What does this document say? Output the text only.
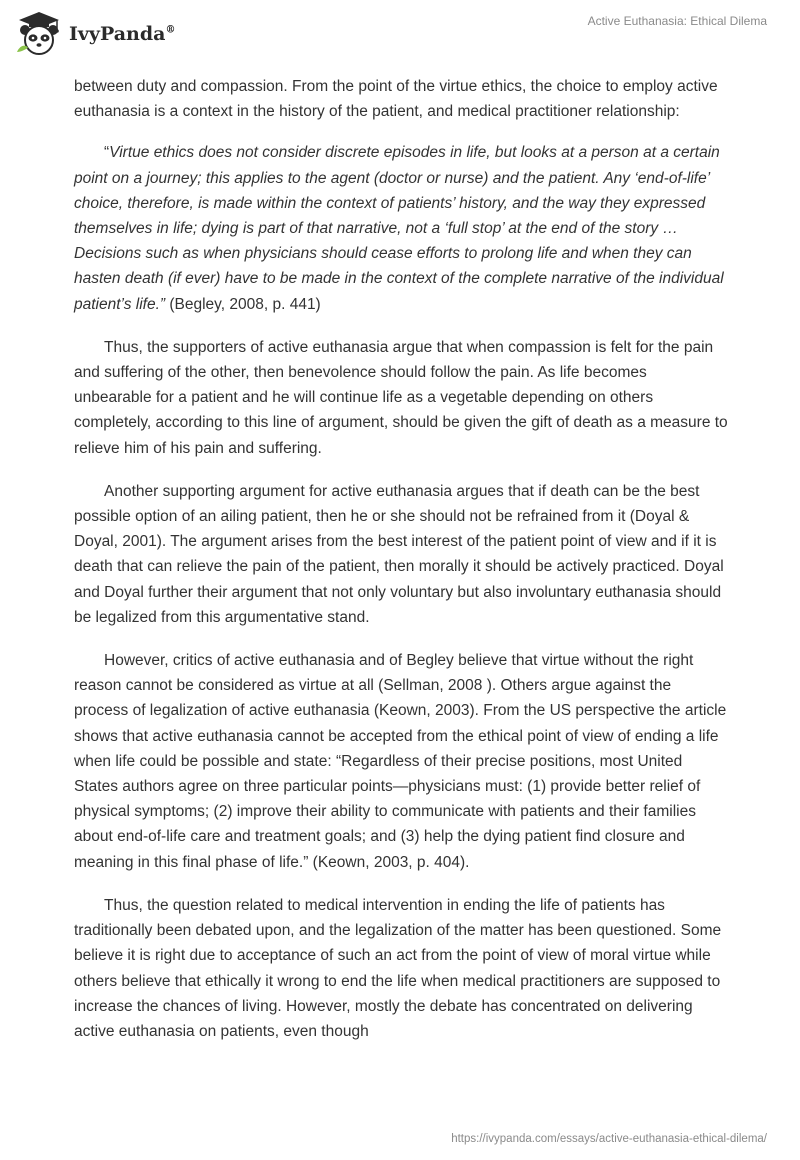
IvyPanda®
Active Euthanasia: Ethical Dilema

between duty and compassion. From the point of the virtue ethics, the choice to employ active euthanasia is a context in the history of the patient, and medical practitioner relationship:

“Virtue ethics does not consider discrete episodes in life, but looks at a person at a certain point on a journey; this applies to the agent (doctor or nurse) and the patient. Any ‘end-of-life’ choice, therefore, is made within the context of patients’ history, and the way they expressed themselves in life; dying is part of that narrative, not a ‘full stop’ at the end of the story … Decisions such as when physicians should cease efforts to prolong life and when they can hasten death (if ever) have to be made in the context of the complete narrative of the individual patient’s life.” (Begley, 2008, p. 441)

Thus, the supporters of active euthanasia argue that when compassion is felt for the pain and suffering of the other, then benevolence should follow the pain. As life becomes unbearable for a patient and he will continue life as a vegetable depending on others completely, according to this line of argument, should be given the gift of death as a measure to relieve him of his pain and suffering.

Another supporting argument for active euthanasia argues that if death can be the best possible option of an ailing patient, then he or she should not be refrained from it (Doyal & Doyal, 2001). The argument arises from the best interest of the patient point of view and if it is death that can relieve the pain of the patient, then morally it should be actively practiced. Doyal and Doyal further their argument that not only voluntary but also involuntary euthanasia should be legalized from this argumentative stand.

However, critics of active euthanasia and of Begley believe that virtue without the right reason cannot be considered as virtue at all (Sellman, 2008 ). Others argue against the process of legalization of active euthanasia (Keown, 2003). From the US perspective the article shows that active euthanasia cannot be accepted from the ethical point of view of ending a life when life could be possible and state: “Regardless of their precise positions, most United States authors agree on three particular points—physicians must: (1) provide better relief of physical symptoms; (2) improve their ability to communicate with patients and their families about end-of-life care and treatment goals; and (3) help the dying patient find closure and meaning in this final phase of life.” (Keown, 2003, p. 404).

Thus, the question related to medical intervention in ending the life of patients has traditionally been debated upon, and the legalization of the matter has been questioned. Some believe it is right due to acceptance of such an act from the point of view of moral virtue while others believe that ethically it wrong to end the life when medical practitioners are supposed to increase the chances of living. However, mostly the debate has concentrated on delivering active euthanasia on patients, even though

https://ivypanda.com/essays/active-euthanasia-ethical-dilema/
